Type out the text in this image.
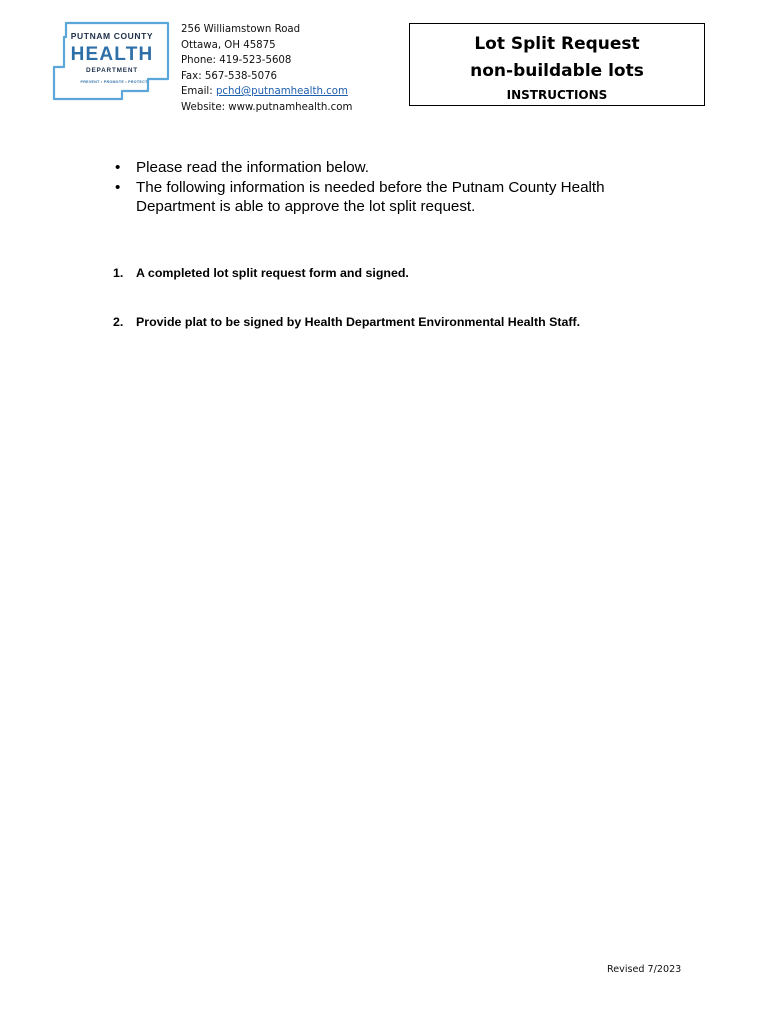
PUTNAM COUNTY
HEALTH
DEPARTMENT
PREVENT • PROMOTE • PROTECT
256 Williamstown Road
Ottawa, OH 45875
Phone: 419-523-5608
Fax: 567-538-5076
Email: pchd@putnamhealth.com
Website: www.putnamhealth.com
Lot Split Request
non-buildable lots
INSTRUCTIONS
• Please read the information below.
• The following information is needed before the Putnam County Health Department is able to approve the lot split request.
1. A completed lot split request form and signed.
2. Provide plat to be signed by Health Department Environmental Health Staff.
Revised 7/2023
